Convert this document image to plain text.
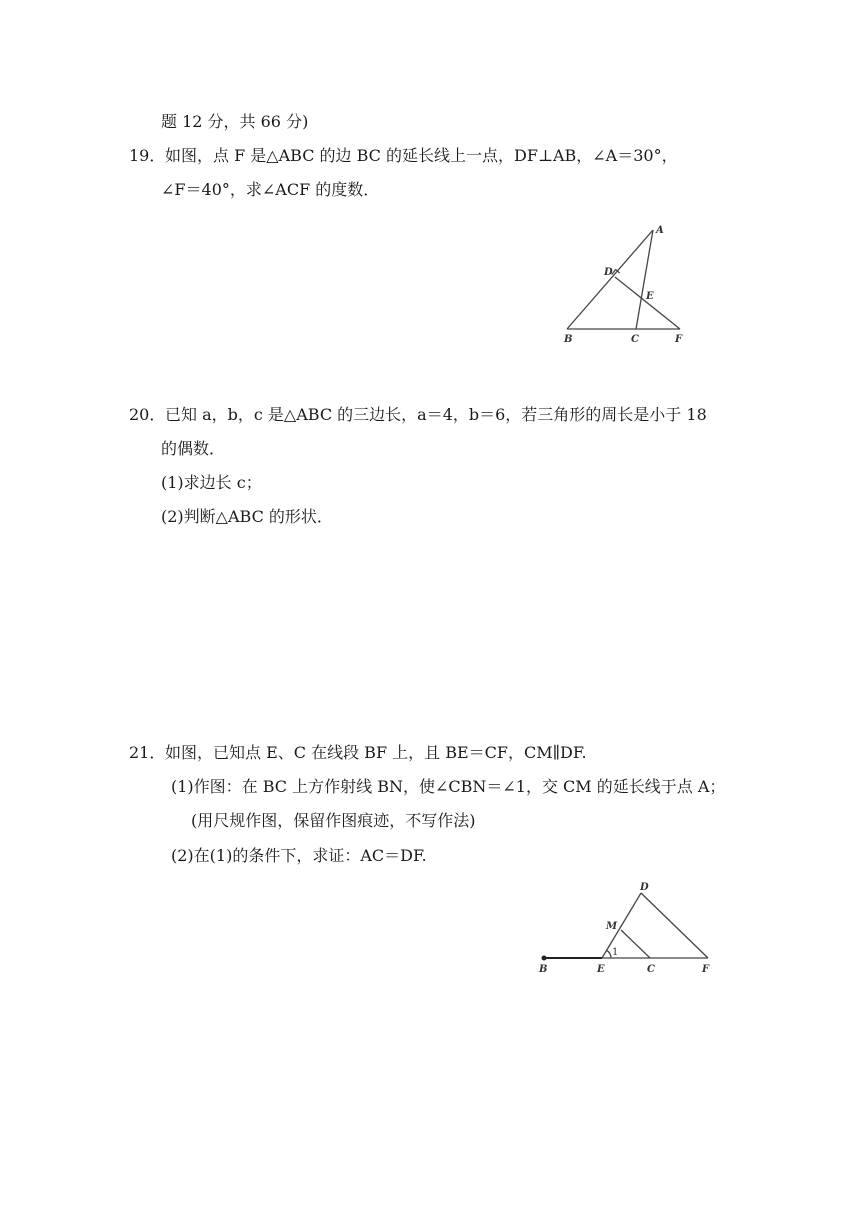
题 12 分，共 66 分)
19． 如图，点 F 是△ABC 的边 BC 的延长线上一点，DF⊥AB，∠A＝30°，
∠F＝40°，求∠ACF 的度数．
A
D
E
B	C	F
20． 已知 a，b，c 是△ABC 的三边长，a＝4，b＝6，若三角形的周长是小于 18
的偶数．
(1)求边长 c；
(2)判断△ABC 的形状．
21． 如图，已知点 E、C 在线段 BF 上，且 BE＝CF，CM∥DF.
(1)作图：在 BC 上方作射线 BN，使∠CBN＝∠1，交 CM 的延长线于点 A；
(用尺规作图，保留作图痕迹，不写作法)
(2)在(1)的条件下，求证：AC＝DF.
1
D
M
B	E	C	F
